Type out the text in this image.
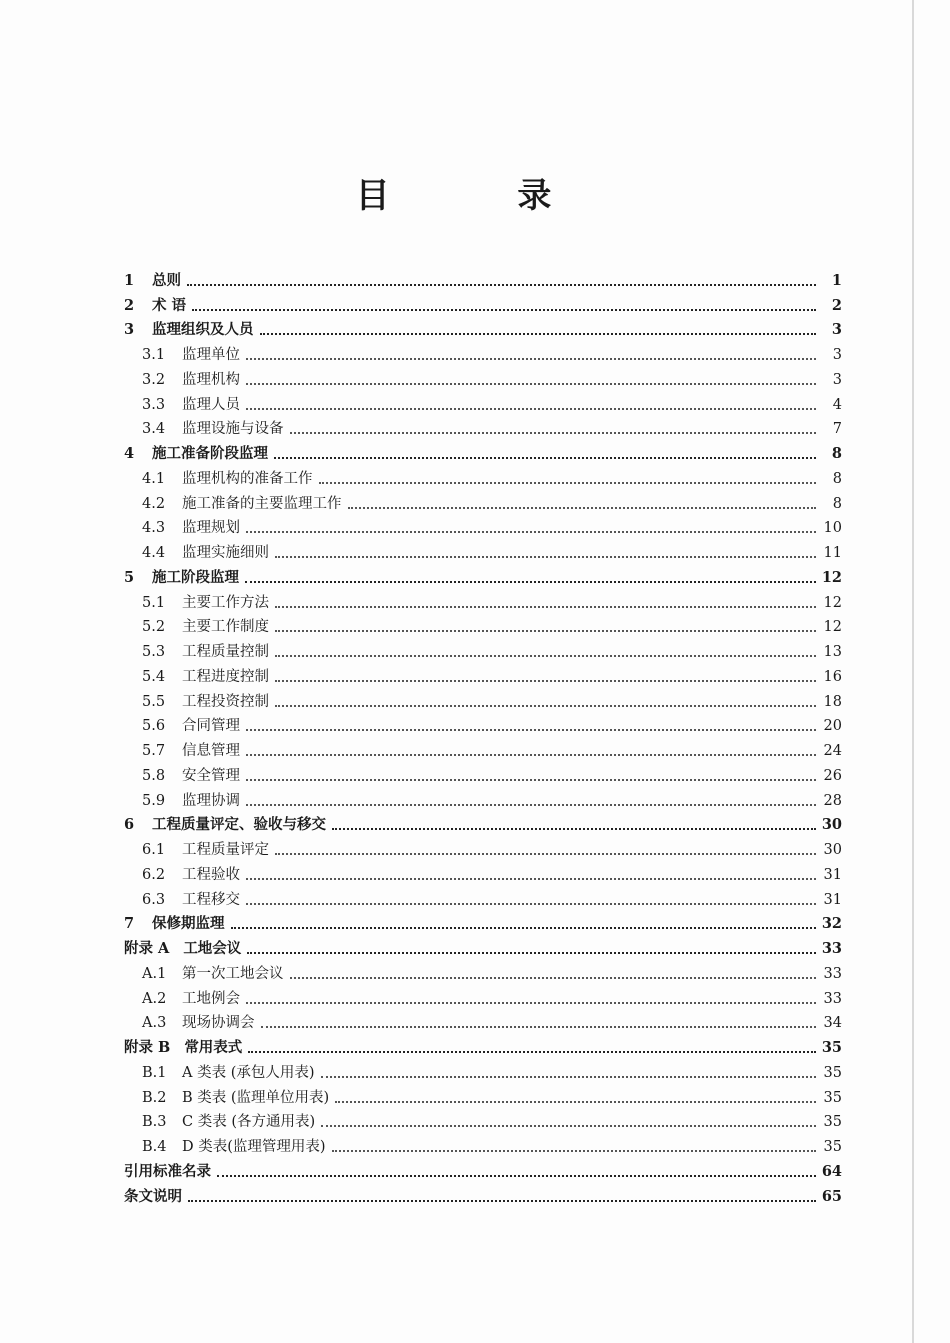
目 录
1	总则	1
2	术 语	2
3	监理组织及人员	3
3.1	监理单位	3
3.2	监理机构	3
3.3	监理人员	4
3.4	监理设施与设备	7
4	施工准备阶段监理	8
4.1	监理机构的准备工作	8
4.2	施工准备的主要监理工作	8
4.3	监理规划	10
4.4	监理实施细则	11
5	施工阶段监理	12
5.1	主要工作方法	12
5.2	主要工作制度	12
5.3	工程质量控制	13
5.4	工程进度控制	16
5.5	工程投资控制	18
5.6	合同管理	20
5.7	信息管理	24
5.8	安全管理	26
5.9	监理协调	28
6	工程质量评定、验收与移交	30
6.1	工程质量评定	30
6.2	工程验收	31
6.3	工程移交	31
7	保修期监理	32
附录 A 工地会议	33
A.1	第一次工地会议	33
A.2	工地例会	33
A.3	现场协调会	34
附录 B 常用表式	35
B.1	A 类表 (承包人用表)	35
B.2	B 类表 (监理单位用表)	35
B.3	C 类表 (各方通用表)	35
B.4	D 类表(监理管理用表)	35
引用标准名录	64
条文说明	65
